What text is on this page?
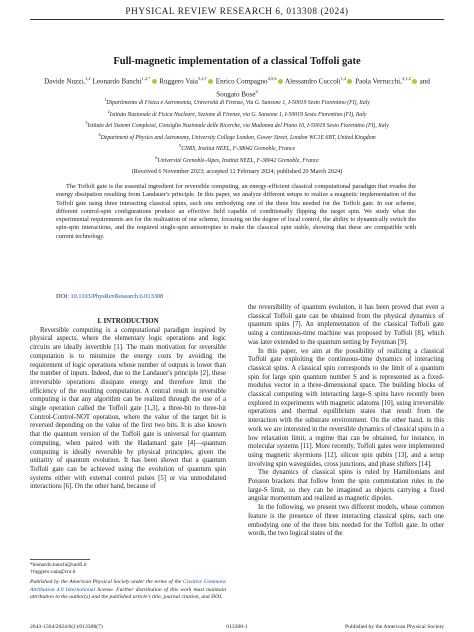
PHYSICAL REVIEW RESEARCH 6, 013308 (2024)
Full-magnetic implementation of a classical Toffoli gate
Davide Nuzzi,$^{1,2}$ Leonardo Banchi$^{1,2,*}$ Ruggero Vaia$^{5,2,\dagger}$ Enrico Compagno$^{4,5,6}$ Alessandro Cuccoli$^{1,2}$ Paola Verrucchi,$^{3,1,2}$ and Sougato Bose$^4$
$^1$Dipartimento di Fisica e Astronomia, Università di Firenze, Via G. Sansone 1, I-50019 Sesto Fiorentino (FI), Italy
$^2$Istituto Nazionale di Fisica Nucleare, Sezione di Firenze, via G. Sansone 1, I-50019 Sesto Fiorentino (FI), Italy
$^3$Istituto dei Sistemi Complessi, Consiglio Nazionale delle Ricerche, via Madonna del Piano 10, I-50019 Sesto Fiorentino (FI), Italy
$^4$Department of Physics and Astronomy, University College London, Gower Street, London WC1E 6BT, United Kingdom
$^5$CNRS, Institut NEEL, F-38042 Grenoble, France
$^6$Université Grenoble-Alpes, Institut NEEL, F-38042 Grenoble, France
(Received 6 November 2023; accepted 12 February 2024; published 20 March 2024)

The Toffoli gate is the essential ingredient for reversible computing, an energy-efficient classical computational paradigm that evades the energy dissipation resulting from Landauer's principle. In this paper, we analyze different setups to realize a magnetic implementation of the Toffoli gate using three interacting classical spins, each one embodying one of the three bits needed for the Toffoli gate. In our scheme, different control-spin configurations produce an effective field capable of conditionally flipping the target spin. We study what the experimental requirements are for the realization of our scheme, focusing on the degree of local control, the ability to dynamically switch the spin-spin interactions, and the required single-spin anisotropies to make the classical spin stable, showing that these are compatible with current technology.

DOI: 10.1103/PhysRevResearch.6.013308

I. INTRODUCTION

Reversible computing is a computational paradigm inspired by physical aspects, where the elementary logic operations and logic circuits are ideally invertible [1]. The main motivation for reversible computation is to minimize the energy costs by avoiding the requirement of logic operations whose number of outputs is lower than the number of inputs. Indeed, due to the Landauer's principle [2], these irreversible operations dissipate energy and therefore limit the efficiency of the resulting computation. A central result in reversible computing is that any algorithm can be realized through the use of a single operation called the Toffoli gate [1,3], a three-bit to three-bit Control-Control-NOT operation, where the value of the target bit is reversed depending on the value of the first two bits. It is also known that the quantum version of the Toffoli gate is universal for quantum computing, when paired with the Hadamard gate [4]—quantum computing is ideally reversible by physical principles, given the unitarity of quantum evolution. It has been shown that a quantum Toffoli gate can be achieved using the evolution of quantum spin systems either with external control pulses [5] or via unmodulated interactions [6]. On the other hand, because of

the reversibility of quantum evolution, it has been proved that even a classical Toffoli gate can be obtained from the physical dynamics of quantum spins [7]. An implementation of the classical Toffoli gate using a continuous-time machine was proposed by Toffoli [8], which was later extended to the quantum setting by Feynman [9].

In this paper, we aim at the possibility of realizing a classical Toffoli gate exploiting the continuous-time dynamics of interacting classical spins. A classical spin corresponds to the limit of a quantum spin for large spin quantum number S and is represented as a fixed-modulus vector in a three-dimensional space. The building blocks of classical computing with interacting large-S spins have recently been explored in experiments with magnetic adatoms [10], using irreversible operations and thermal equilibrium states that result from the interaction with the substrate environment. On the other hand, in this work we are interested in the reversible dynamics of classical spins in a low relaxation limit, a regime that can be obtained, for instance, in molecular systems [11]. More recently, Toffoli gates were implemented using magnetic skyrmions [12], silicon spin qubits [13], and a setup involving spin waveguides, cross junctions, and phase shifters [14].

The dynamics of classical spins is ruled by Hamiltonians and Poisson brackets that follow from the spin commutation rules in the large-S limit, so they can be imagined as objects carrying a fixed angular momentum and realized as magnetic dipoles.

In the following, we present two different models, whose common feature is the presence of three interacting classical spins, each one embodying one of the three bits needed for the Toffoli gate. In other words, the two logical states of the

*leonardo.banchi@unifi.it
†ruggero.vaia@cnr.it
Published by the American Physical Society under the terms of the Creative Commons Attribution 4.0 International license. Further distribution of this work must maintain attribution to the author(s) and the published article's title, journal citation, and DOI.
2643-1564/2024/6(1)/013308(7)	013308-1	Published by the American Physical Society
